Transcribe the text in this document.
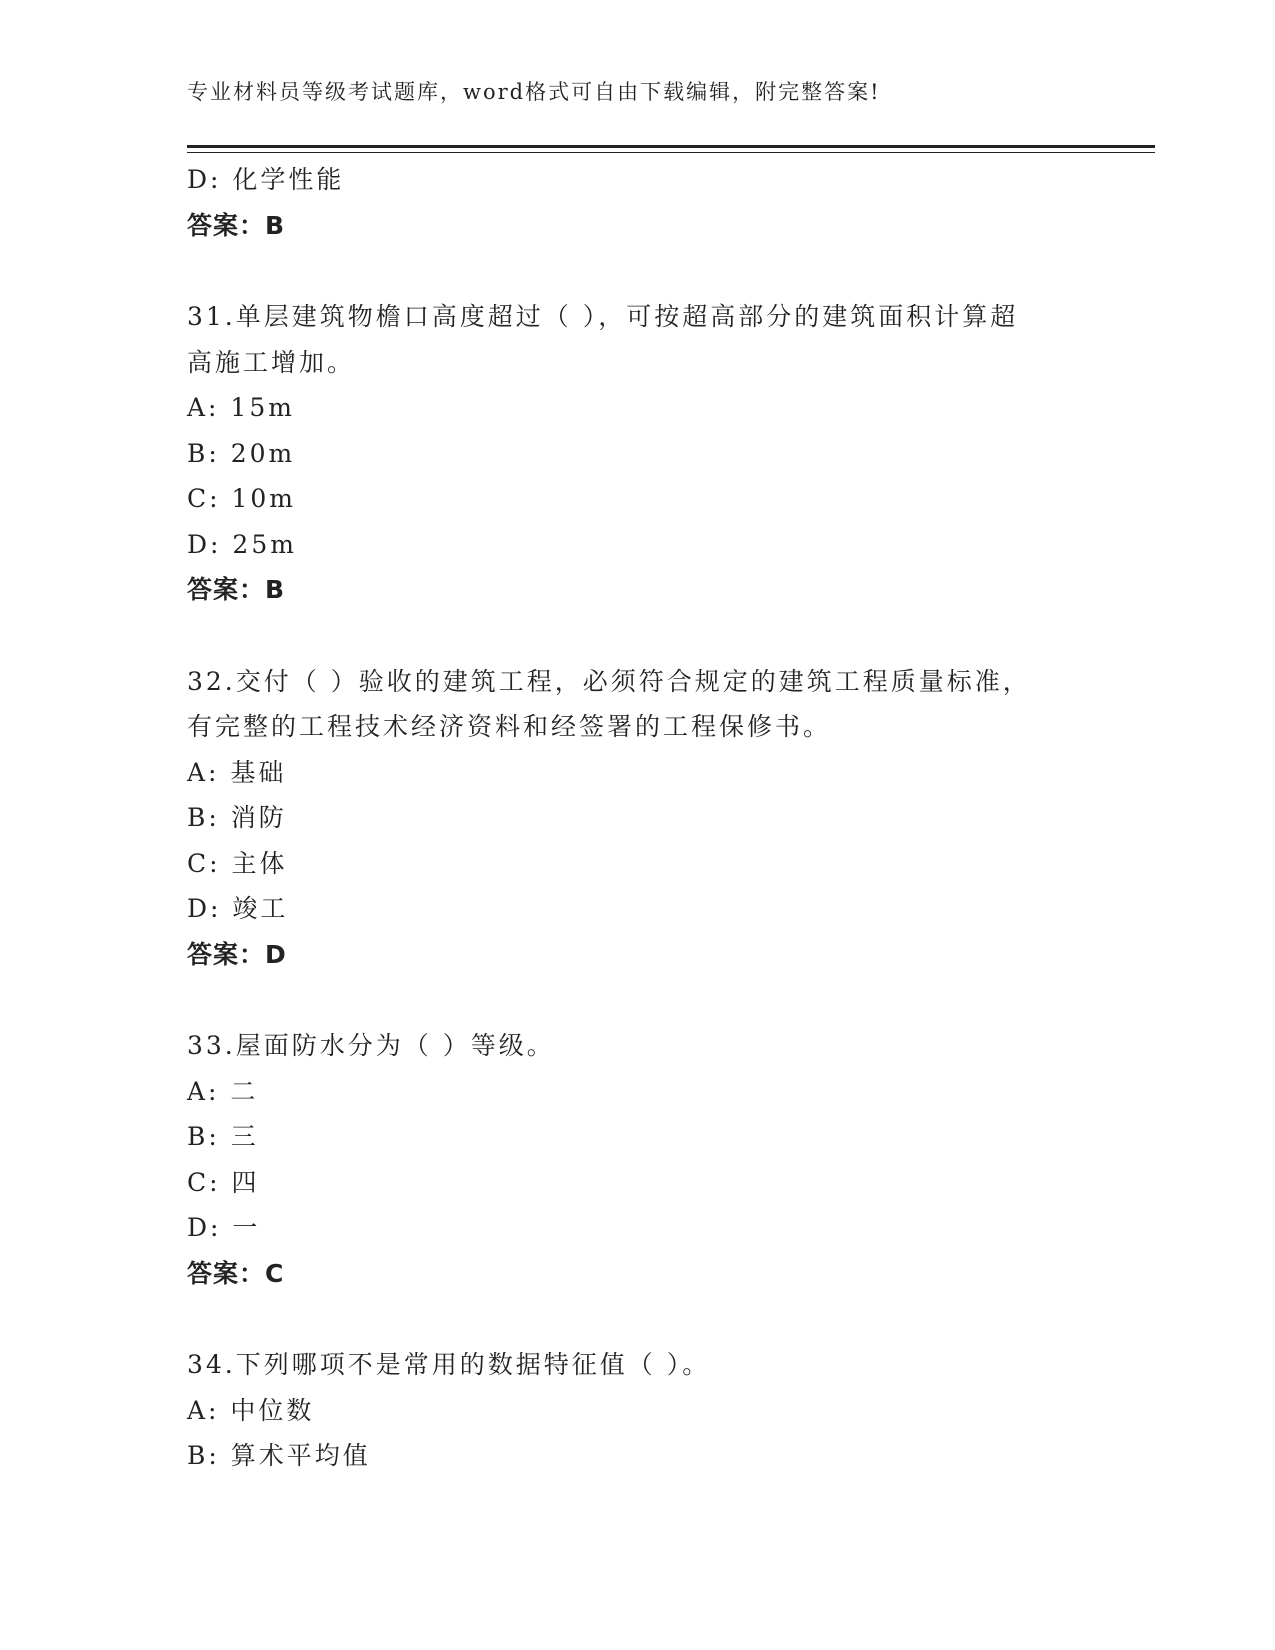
专业材料员等级考试题库，word格式可自由下载编辑，附完整答案!
D: 化学性能
答案：B
31.单层建筑物檐口高度超过（ ），可按超高部分的建筑面积计算超
高施工增加。
A: 15m
B: 20m
C: 10m
D: 25m
答案：B
32.交付（ ）验收的建筑工程，必须符合规定的建筑工程质量标准，
有完整的工程技术经济资料和经签署的工程保修书。
A: 基础
B: 消防
C: 主体
D: 竣工
答案：D
33.屋面防水分为（ ）等级。
A: 二
B: 三
C: 四
D: 一
答案：C
34.下列哪项不是常用的数据特征值（ ）。
A: 中位数
B: 算术平均值
